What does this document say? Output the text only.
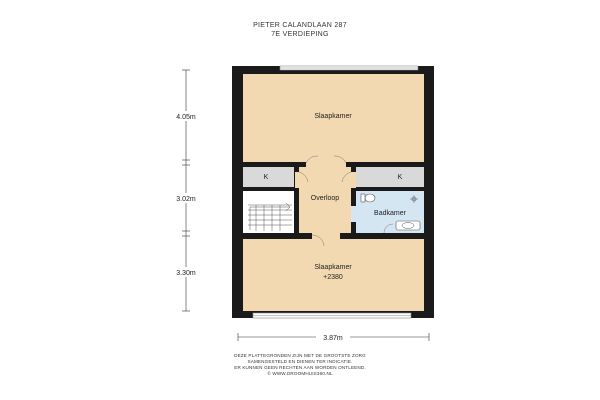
PIETER CALANDLAAN 287
7E VERDIEPING
Slaapkamer
K	K
Overloop
Badkamer
Slaapkamer
+2380
4.05m
3.02m
3.30m
3.87m
DEZE PLATTEGRONDEN ZIJN MET DE GROOTSTE ZORG
SAMENGESTELD EN DIENEN TER INDICATIE.
ER KUNNEN GEEN RECHTEN AAN WORDEN ONTLEEND.
© WWW.DROOMHUIS360.NL
